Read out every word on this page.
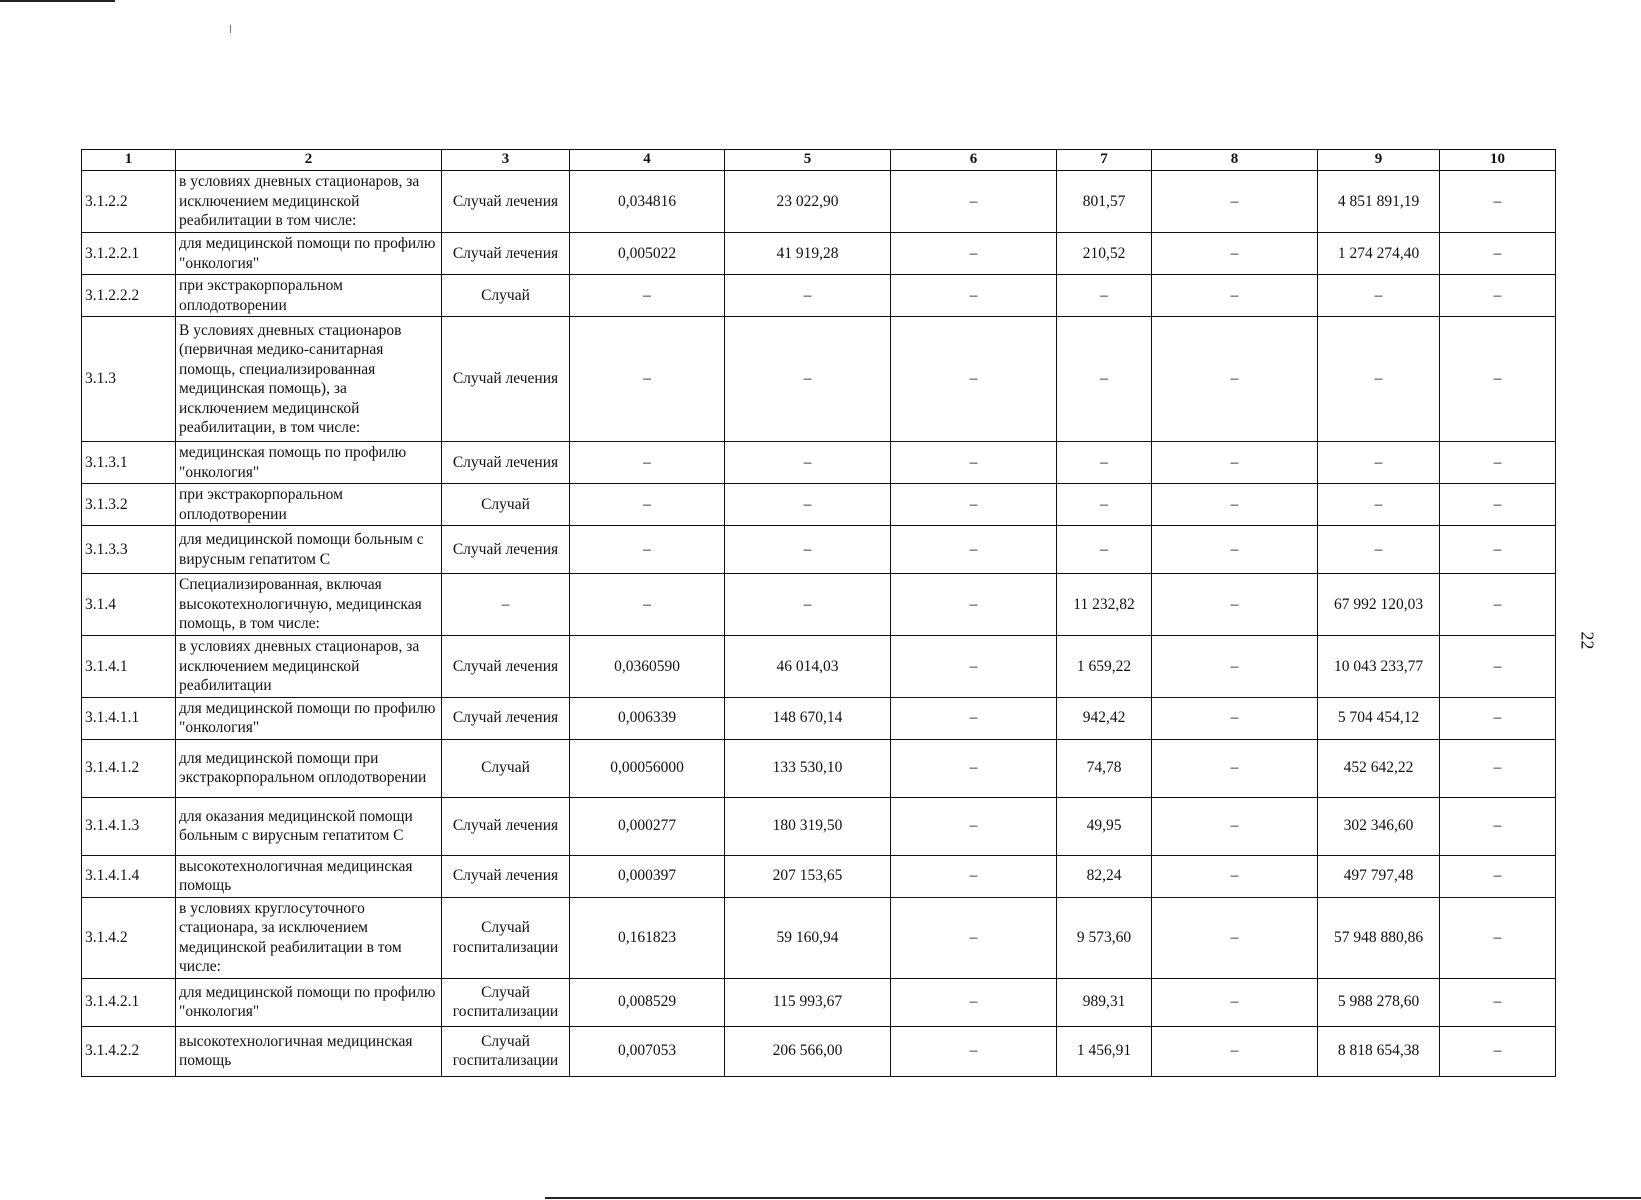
1	2	3	4	5	6	7	8	9	10
3.1.2.2	в условиях дневных стационаров, за исключением медицинской реабилитации в том числе:	Случай лечения	0,034816	23 022,90	–	801,57	–	4 851 891,19	–
3.1.2.2.1	для медицинской помощи по профилю "онкология"	Случай лечения	0,005022	41 919,28	–	210,52	–	1 274 274,40	–
3.1.2.2.2	при экстракорпоральном оплодотворении	Случай	–	–	–	–	–	–	–
3.1.3	В условиях дневных стационаров (первичная медико-санитарная помощь, специализированная медицинская помощь), за исключением медицинской реабилитации, в том числе:	Случай лечения	–	–	–	–	–	–	–
3.1.3.1	медицинская помощь по профилю "онкология"	Случай лечения	–	–	–	–	–	–	–
3.1.3.2	при экстракорпоральном оплодотворении	Случай	–	–	–	–	–	–	–
3.1.3.3	для медицинской помощи больным с вирусным гепатитом С	Случай лечения	–	–	–	–	–	–	–
3.1.4	Специализированная, включая высокотехнологичную, медицинская помощь, в том числе:	–	–	–	–	11 232,82	–	67 992 120,03	–
3.1.4.1	в условиях дневных стационаров, за исключением медицинской реабилитации	Случай лечения	0,0360590	46 014,03	–	1 659,22	–	10 043 233,77	–
3.1.4.1.1	для медицинской помощи по профилю "онкология"	Случай лечения	0,006339	148 670,14	–	942,42	–	5 704 454,12	–
3.1.4.1.2	для медицинской помощи при экстракорпоральном оплодотворении	Случай	0,00056000	133 530,10	–	74,78	–	452 642,22	–
3.1.4.1.3	для оказания медицинской помощи больным с вирусным гепатитом С	Случай лечения	0,000277	180 319,50	–	49,95	–	302 346,60	–
3.1.4.1.4	высокотехнологичная медицинская помощь	Случай лечения	0,000397	207 153,65	–	82,24	–	497 797,48	–
3.1.4.2	в условиях круглосуточного стационара, за исключением медицинской реабилитации в том числе:	Случай госпитализации	0,161823	59 160,94	–	9 573,60	–	57 948 880,86	–
3.1.4.2.1	для медицинской помощи по профилю "онкология"	Случай госпитализации	0,008529	115 993,67	–	989,31	–	5 988 278,60	–
3.1.4.2.2	высокотехнологичная медицинская помощь	Случай госпитализации	0,007053	206 566,00	–	1 456,91	–	8 818 654,38	–
22
